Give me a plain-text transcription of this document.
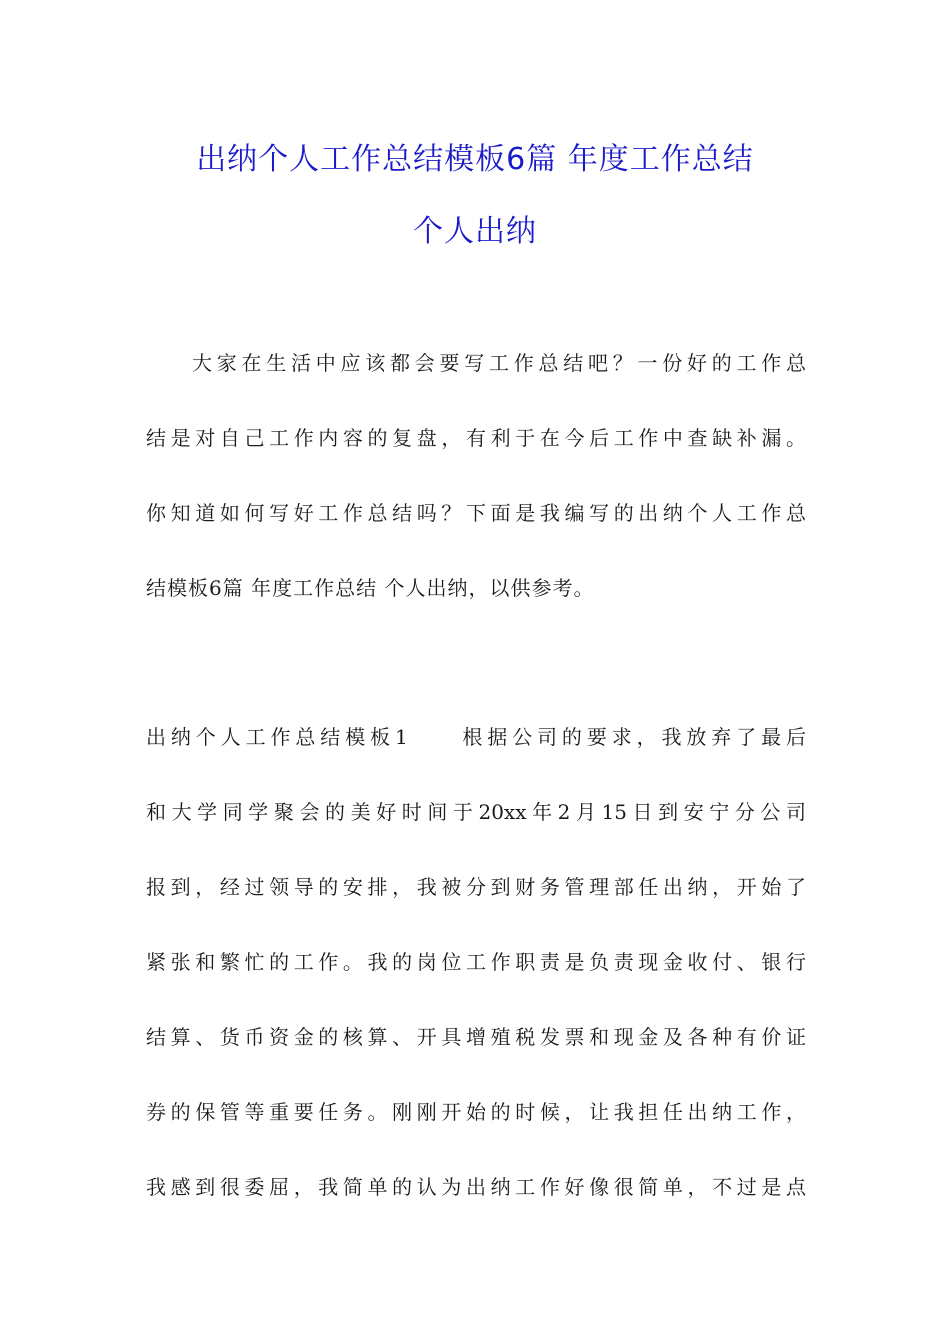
出纳个人工作总结模板6篇 年度工作总结
个人出纳
大家在生活中应该都会要写工作总结吧？一份好的工作总
结是对自己工作内容的复盘，有利于在今后工作中查缺补漏。
你知道如何写好工作总结吗？下面是我编写的出纳个人工作总
结模板6篇 年度工作总结 个人出纳，以供参考。
出纳个人工作总结模板1　　根据公司的要求，我放弃了最后
和大学同学聚会的美好时间于20xx年2月15日到安宁分公司
报到，经过领导的安排，我被分到财务管理部任出纳，开始了
紧张和繁忙的工作。我的岗位工作职责是负责现金收付、银行
结算、货币资金的核算、开具增殖税发票和现金及各种有价证
券的保管等重要任务。刚刚开始的时候，让我担任出纳工作，
我感到很委屈，我简单的认为出纳工作好像很简单，不过是点
